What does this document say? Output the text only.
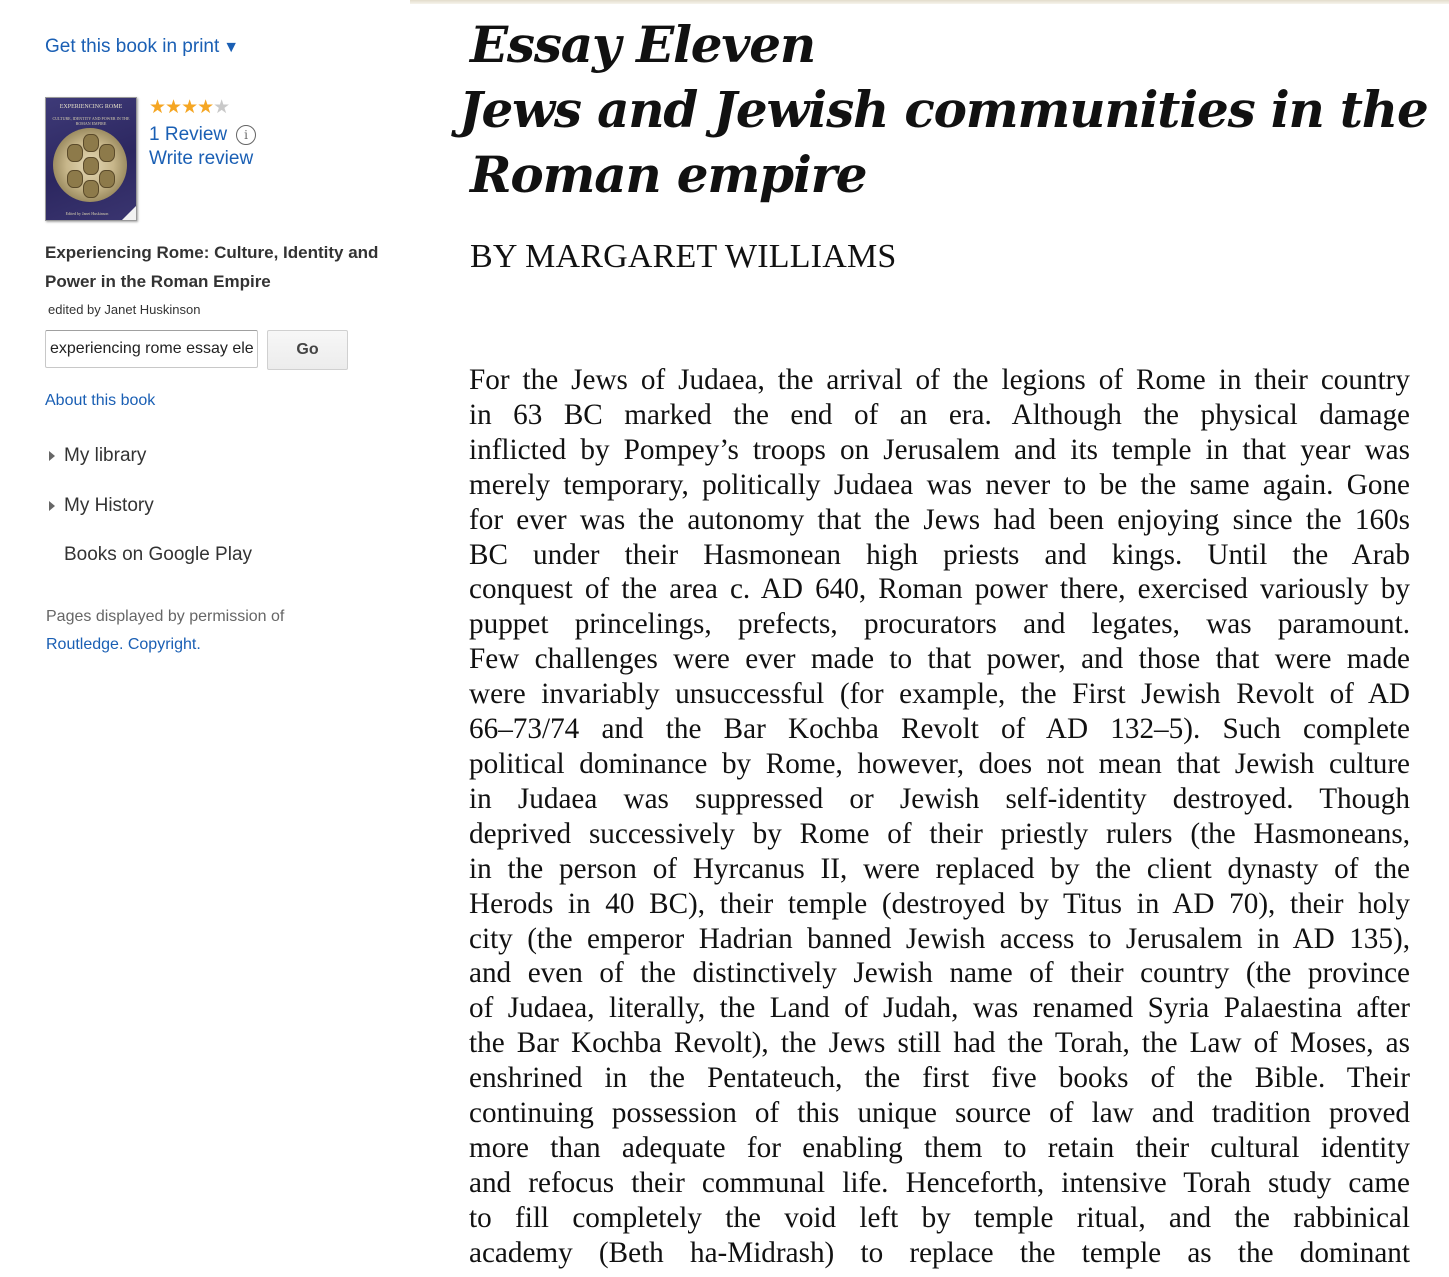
Get this book in print ▼
EXPERIENCING ROME
CULTURE, IDENTITY AND POWER IN THE ROMAN EMPIRE
Edited by Janet Huskinson
★★★★★
1 Review	i
Write review
Experiencing Rome: Culture, Identity and Power in the Roman Empire
edited by Janet Huskinson
experiencing rome essay ele
Go
About this book
My library
My History
Books on Google Play
Pages displayed by permission of
Routledge. Copyright.
Essay Eleven
Jews and Jewish communities in the
Roman empire
BY MARGARET WILLIAMS
For the Jews of Judaea, the arrival of the legions of Rome in their country
in 63 BC marked the end of an era. Although the physical damage
inflicted by Pompey’s troops on Jerusalem and its temple in that year was
merely temporary, politically Judaea was never to be the same again. Gone
for ever was the autonomy that the Jews had been enjoying since the 160s
BC under their Hasmonean high priests and kings. Until the Arab
conquest of the area c. AD 640, Roman power there, exercised variously by
puppet princelings, prefects, procurators and legates, was paramount.
Few challenges were ever made to that power, and those that were made
were invariably unsuccessful (for example, the First Jewish Revolt of AD
66–73/74 and the Bar Kochba Revolt of AD 132–5). Such complete
political dominance by Rome, however, does not mean that Jewish culture
in Judaea was suppressed or Jewish self-identity destroyed. Though
deprived successively by Rome of their priestly rulers (the Hasmoneans,
in the person of Hyrcanus II, were replaced by the client dynasty of the
Herods in 40 BC), their temple (destroyed by Titus in AD 70), their holy
city (the emperor Hadrian banned Jewish access to Jerusalem in AD 135),
and even of the distinctively Jewish name of their country (the province
of Judaea, literally, the Land of Judah, was renamed Syria Palaestina after
the Bar Kochba Revolt), the Jews still had the Torah, the Law of Moses, as
enshrined in the Pentateuch, the first five books of the Bible. Their
continuing possession of this unique source of law and tradition proved
more than adequate for enabling them to retain their cultural identity
and refocus their communal life. Henceforth, intensive Torah study came
to fill completely the void left by temple ritual, and the rabbinical
academy (Beth ha-Midrash) to replace the temple as the dominant
